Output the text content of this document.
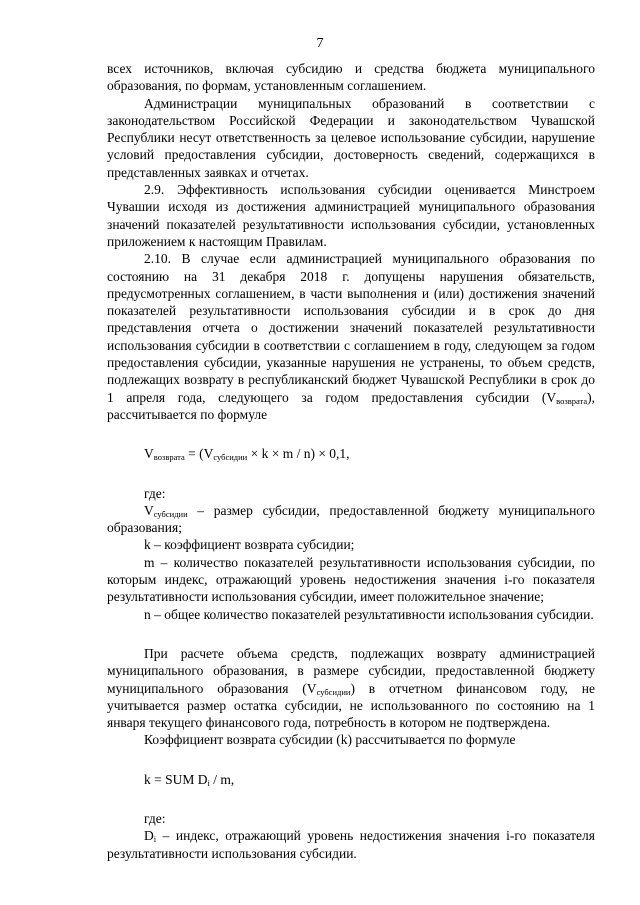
7

всех источников, включая субсидию и средства бюджета муниципального образования, по формам, установленным соглашением.

Администрации муниципальных образований в соответствии с законодательством Российской Федерации и законодательством Чувашской Республики несут ответственность за целевое использование субсидии, нарушение условий предоставления субсидии, достоверность сведений, содержащихся в представленных заявках и отчетах.

2.9. Эффективность использования субсидии оценивается Минстроем Чувашии исходя из достижения администрацией муниципального образования значений показателей результативности использования субсидии, установленных приложением к настоящим Правилам.

2.10. В случае если администрацией муниципального образования по состоянию на 31 декабря 2018 г. допущены нарушения обязательств, предусмотренных соглашением, в части выполнения и (или) достижения значений показателей результативности использования субсидии и в срок до дня представления отчета о достижении значений показателей результативности использования субсидии в соответствии с соглашением в году, следующем за годом предоставления субсидии, указанные нарушения не устранены, то объем средств, подлежащих возврату в республиканский бюджет Чувашской Республики в срок до 1 апреля года, следующего за годом предоставления субсидии $(V_{возврата})$, рассчитывается по формуле

$V_{возврата} = (V_{субсидии} \times k \times m / n) \times 0,1$,

где:

$V_{субсидии}$ – размер субсидии, предоставленной бюджету муниципального образования;

k – коэффициент возврата субсидии;

m – количество показателей результативности использования субсидии, по которым индекс, отражающий уровень недостижения значения i-го показателя результативности использования субсидии, имеет положительное значение;

n – общее количество показателей результативности использования субсидии.

При расчете объема средств, подлежащих возврату администрацией муниципального образования, в размере субсидии, предоставленной бюджету муниципального образования $(V_{субсидии})$ в отчетном финансовом году, не учитывается размер остатка субсидии, не использованного по состоянию на 1 января текущего финансового года, потребность в котором не подтверждена.

Коэффициент возврата субсидии (k) рассчитывается по формуле

k = SUM $D_i$ / m,

где:

$D_i$ – индекс, отражающий уровень недостижения значения i-го показателя результативности использования субсидии.
